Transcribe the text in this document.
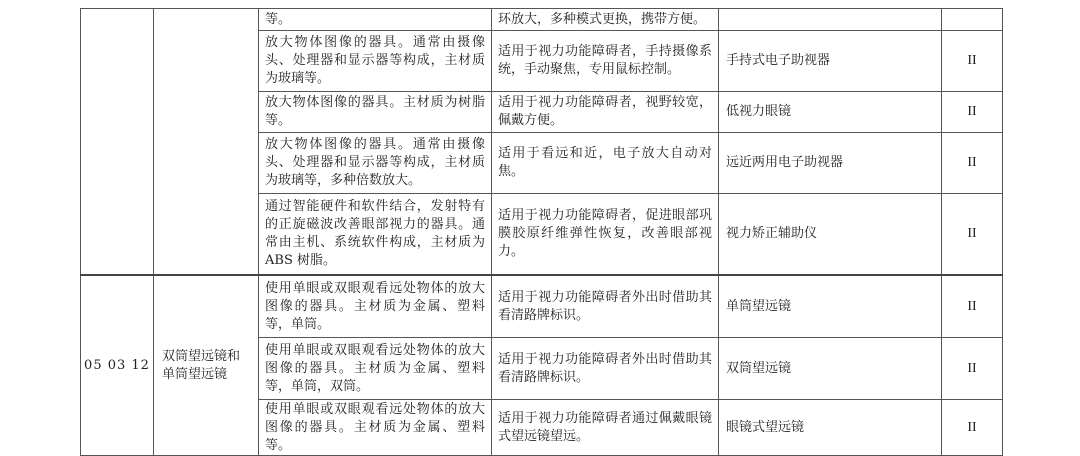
		等。	环放大，多种模式更换，携带方便。		
		放大物体图像的器具。通常由摄像头、处理器和显示器等构成，主材质为玻璃等。	适用于视力功能障碍者，手持摄像系统，手动聚焦，专用鼠标控制。	手持式电子助视器	II
		放大物体图像的器具。主材质为树脂等。	适用于视力功能障碍者，视野较宽，佩戴方便。	低视力眼镜	II
		放大物体图像的器具。通常由摄像头、处理器和显示器等构成，主材质为玻璃等，多种倍数放大。	适用于看远和近，电子放大自动对焦。	远近两用电子助视器	II
		通过智能硬件和软件结合，发射特有的正旋磁波改善眼部视力的器具。通常由主机、系统软件构成，主材质为ABS 树脂。	适用于视力功能障碍者，促进眼部巩膜胶原纤维弹性恢复，改善眼部视力。	视力矫正辅助仪	II
05 03 12	双筒望远镜和单筒望远镜	使用单眼或双眼观看远处物体的放大图像的器具。主材质为金属、塑料等，单筒。	适用于视力功能障碍者外出时借助其看清路牌标识。	单筒望远镜	II
		使用单眼或双眼观看远处物体的放大图像的器具。主材质为金属、塑料等，单筒，双筒。	适用于视力功能障碍者外出时借助其看清路牌标识。	双筒望远镜	II
		使用单眼或双眼观看远处物体的放大图像的器具。主材质为金属、塑料等。	适用于视力功能障碍者通过佩戴眼镜式望远镜望远。	眼镜式望远镜	II
